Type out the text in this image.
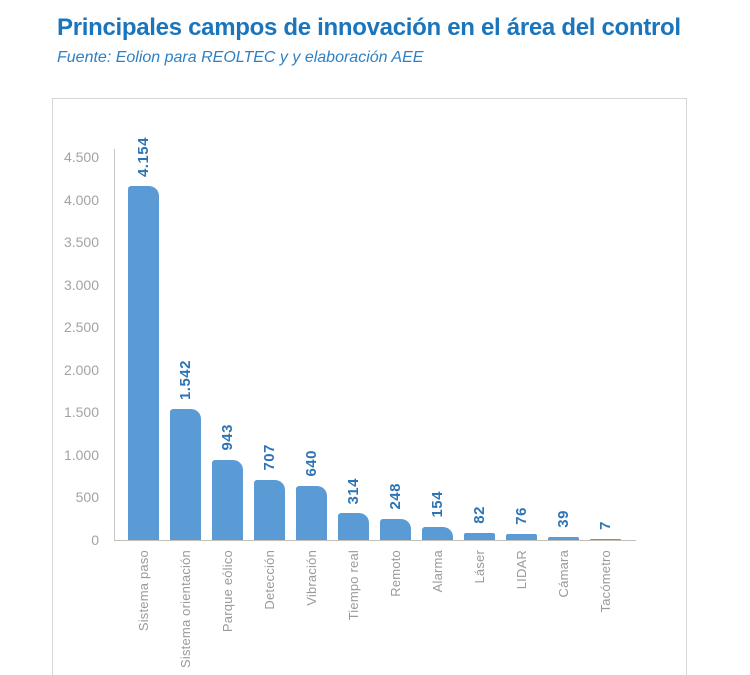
Principales campos de innovación en el área del control
Fuente: Eolion para REOLTEC y y elaboración AEE
0
500
1.000
1.500
2.000
2.500
3.000
3.500
4.000
4.500 4.154
Sistema paso
1.542
Sistema orientación
943
Parque eólico
707
Detección
640
Vibración
314
Tiempo real
248
Remoto
154
Alarma
82
Láser
76
LIDAR
39
Cámara
7
Tacómetro
